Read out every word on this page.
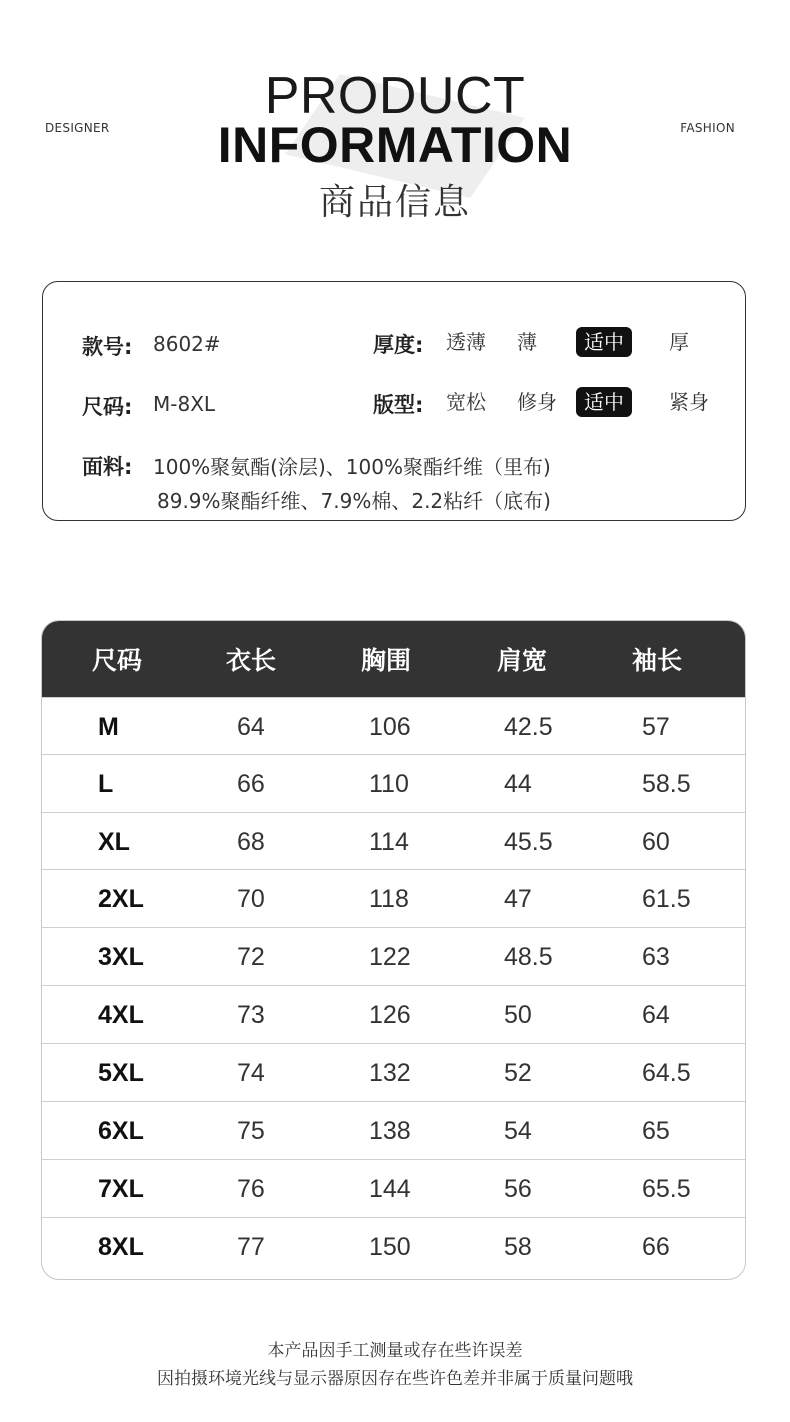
DESIGNER	FASHION
PRODUCT
INFORMATION
商品信息
款号: 8602#	厚度:	透薄	薄	适中	厚
尺码: M-8XL	版型:	宽松	修身	适中	紧身
面料: 100%聚氨酯(涂层)、100%聚酯纤维（里布)
89.9%聚酯纤维、7.9%棉、2.2粘纤（底布)
尺码	衣长	胸围	肩宽	袖长
M	64	106	42.5	57
L	66	110	44	58.5
XL	68	114	45.5	60
2XL	70	118	47	61.5
3XL	72	122	48.5	63
4XL	73	126	50	64
5XL	74	132	52	64.5
6XL	75	138	54	65
7XL	76	144	56	65.5
8XL	77	150	58	66
本产品因手工测量或存在些许误差
因拍摄环境光线与显示器原因存在些许色差并非属于质量问题哦
